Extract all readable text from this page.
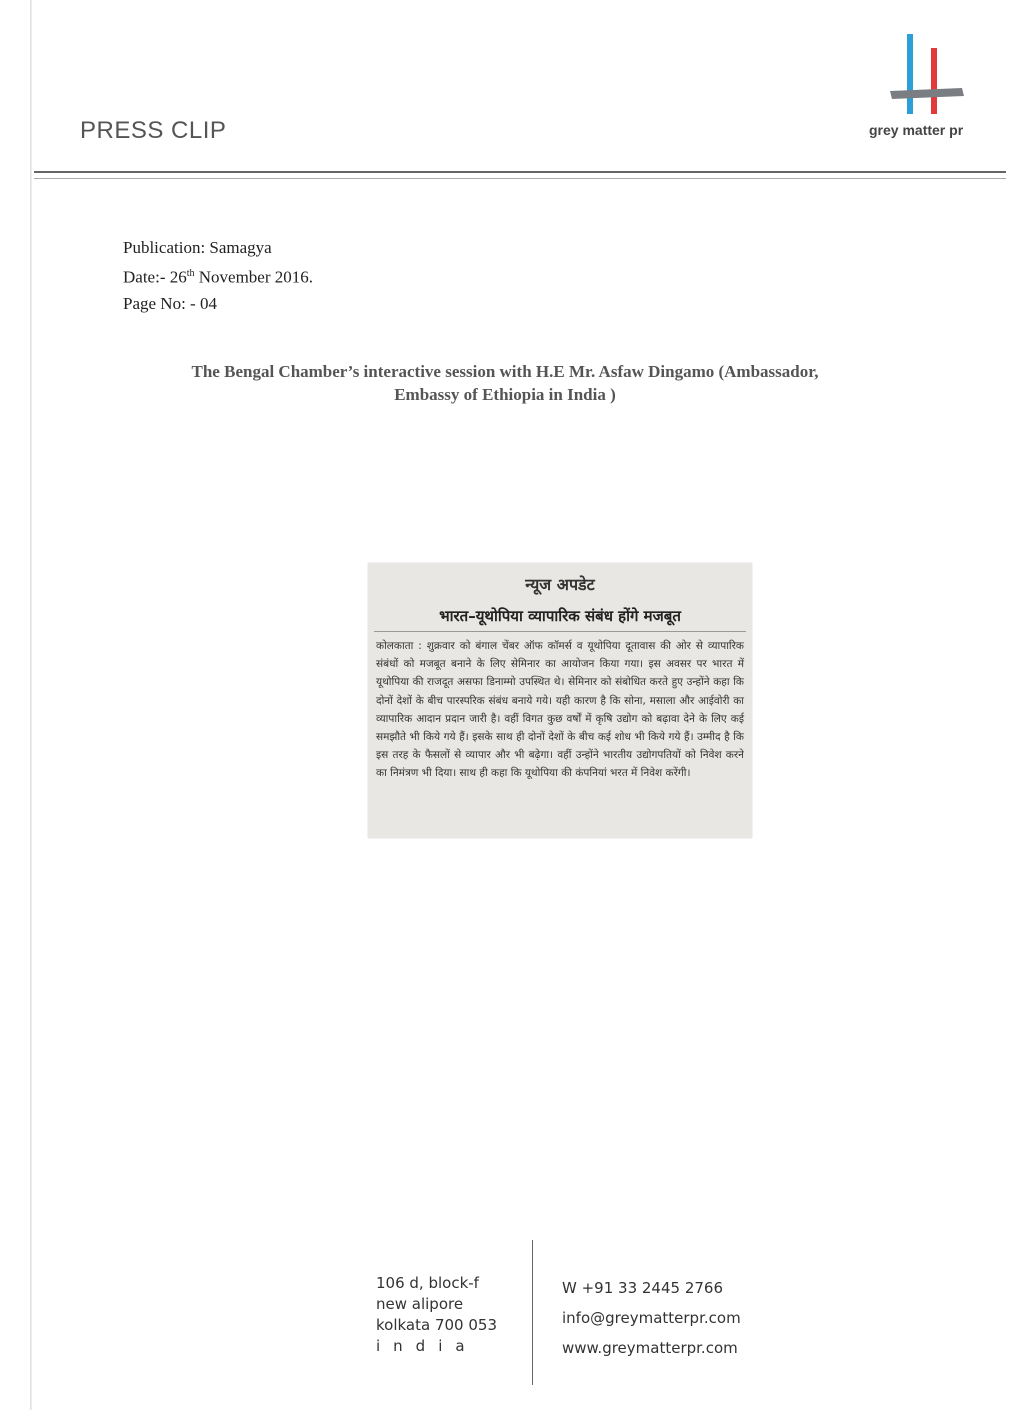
PRESS CLIP	grey matter pr
Publication: Samagya
Date:- 26th November 2016.
Page No: - 04
The Bengal Chamber’s interactive session with H.E Mr. Asfaw Dingamo (Ambassador,
Embassy of Ethiopia in India )
न्यूज अपडेट
भारत–यूथोपिया व्यापारिक संबंध होंगे मजबूत
कोलकाता : शुक्रवार को बंगाल चेंबर ऑफ कॉमर्स व यूथोपिया दूतावास की ओर से व्यापारिक संबंधों को मजबूत बनाने के लिए सेमिनार का आयोजन किया गया। इस अवसर पर भारत में यूथोपिया की राजदूत असफा डिनाम्मो उपस्थित थे। सेमिनार को संबोधित करते हुए उन्होंने कहा कि दोनों देशों के बीच पारस्परिक संबंध बनाये गये। यही कारण है कि सोना, मसाला और आईवोरी का व्यापारिक आदान प्रदान जारी है। वहीं विगत कुछ वर्षों में कृषि उद्योग को बढ़ावा देने के लिए कई समझौते भी किये गये हैं। इसके साथ ही दोनों देशों के बीच कई शोध भी किये गये हैं। उम्मीद है कि इस तरह के फैसलों से व्यापार और भी बढ़ेगा। वहीं उन्होंने भारतीय उद्योगपतियों को निवेश करने का निमंत्रण भी दिया। साथ ही कहा कि यूथोपिया की कंपनियां भरत में निवेश करेंगी।
106 d, block-f
new alipore
kolkata 700 053
india
W +91 33 2445 2766
info@greymatterpr.com
www.greymatterpr.com
